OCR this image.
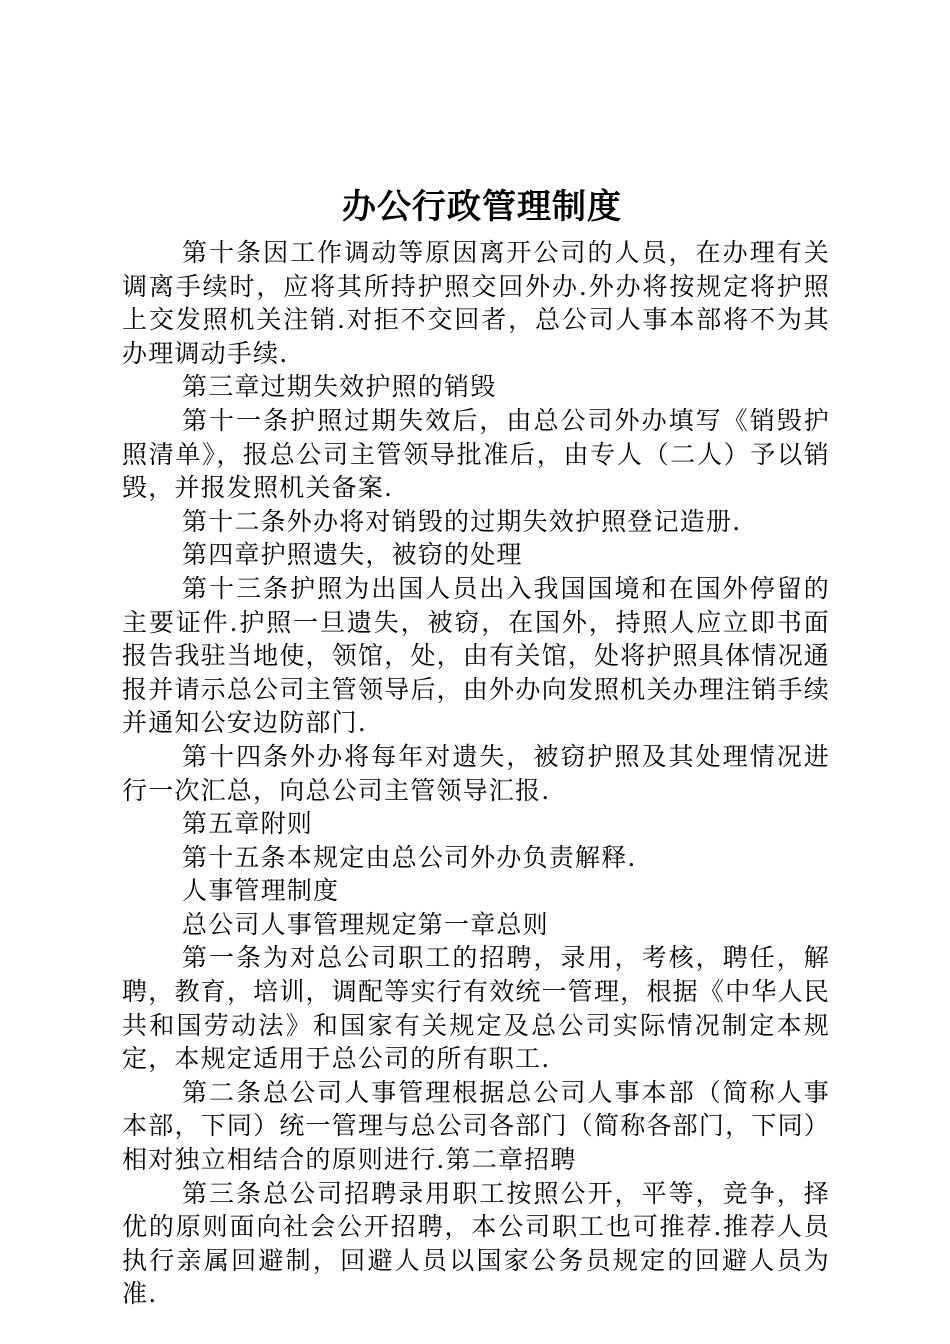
办公行政管理制度

第十条因工作调动等原因离开公司的人员，在办理有关调离手续时，应将其所持护照交回外办.外办将按规定将护照上交发照机关注销.对拒不交回者，总公司人事本部将不为其办理调动手续.

第三章过期失效护照的销毁

第十一条护照过期失效后，由总公司外办填写《销毁护照清单》，报总公司主管领导批准后，由专人（二人）予以销毁，并报发照机关备案.

第十二条外办将对销毁的过期失效护照登记造册.

第四章护照遗失，被窃的处理

第十三条护照为出国人员出入我国国境和在国外停留的主要证件.护照一旦遗失，被窃，在国外，持照人应立即书面报告我驻当地使，领馆，处，由有关馆，处将护照具体情况通报并请示总公司主管领导后，由外办向发照机关办理注销手续并通知公安边防部门.

第十四条外办将每年对遗失，被窃护照及其处理情况进行一次汇总，向总公司主管领导汇报.

第五章附则

第十五条本规定由总公司外办负责解释.

人事管理制度

总公司人事管理规定第一章总则

第一条为对总公司职工的招聘，录用，考核，聘任，解聘，教育，培训，调配等实行有效统一管理，根据《中华人民共和国劳动法》和国家有关规定及总公司实际情况制定本规定，本规定适用于总公司的所有职工.

第二条总公司人事管理根据总公司人事本部（简称人事本部，下同）统一管理与总公司各部门（简称各部门，下同）相对独立相结合的原则进行.第二章招聘

第三条总公司招聘录用职工按照公开，平等，竞争，择优的原则面向社会公开招聘，本公司职工也可推荐.推荐人员执行亲属回避制，回避人员以国家公务员规定的回避人员为准.
